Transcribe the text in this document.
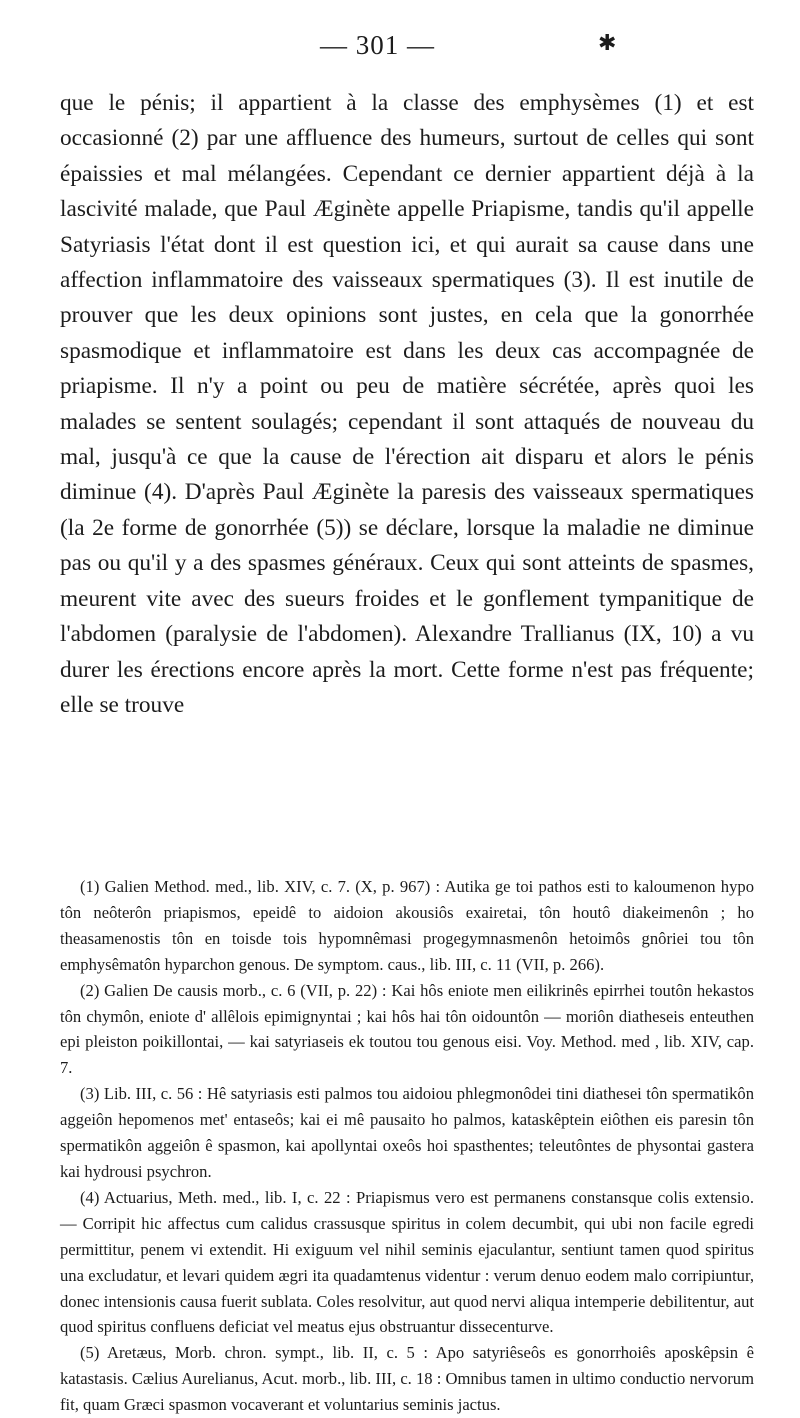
— 301 —	✱

que le pénis; il appartient à la classe des emphysèmes (1) et est occasionné (2) par une affluence des humeurs, surtout de celles qui sont épaissies et mal mélangées. Cependant ce dernier appartient déjà à la lascivité malade, que Paul Æginète appelle Priapisme, tandis qu'il appelle Satyriasis l'état dont il est question ici, et qui aurait sa cause dans une affection inflammatoire des vaisseaux spermatiques (3). Il est inutile de prouver que les deux opinions sont justes, en cela que la gonorrhée spasmodique et inflammatoire est dans les deux cas accompagnée de priapisme. Il n'y a point ou peu de matière sécrétée, après quoi les malades se sentent soulagés; cependant il sont attaqués de nouveau du mal, jusqu'à ce que la cause de l'érection ait disparu et alors le pénis diminue (4). D'après Paul Æginète la paresis des vaisseaux spermatiques (la 2e forme de gonorrhée (5)) se déclare, lorsque la maladie ne diminue pas ou qu'il y a des spasmes généraux. Ceux qui sont atteints de spasmes, meurent vite avec des sueurs froides et le gonflement tympanitique de l'abdomen (paralysie de l'abdomen). Alexandre Trallianus (IX, 10) a vu durer les érections encore après la mort. Cette forme n'est pas fréquente; elle se trouve

(1) Galien Method. med., lib. XIV, c. 7. (X, p. 967) : Autika ge toi pathos esti to kaloumenon hypo tôn neôterôn priapismos, epeidê to aidoion akousiôs exairetai, tôn houtô diakeimenôn ; ho theasamenostis tôn en toisde tois hypomnêmasi progegymnasmenôn hetoimôs gnôriei tou tôn emphysêmatôn hyparchon genous. De symptom. caus., lib. III, c. 11 (VII, p. 266).

(2) Galien De causis morb., c. 6 (VII, p. 22) : Kai hôs eniote men eilikrinês epirrhei toutôn hekastos tôn chymôn, eniote d' allêlois epimignyntai ; kai hôs hai tôn oidountôn — moriôn diatheseis enteuthen epi pleiston poikillontai, — kai satyriaseis ek toutou tou genous eisi. Voy. Method. med , lib. XIV, cap. 7.

(3) Lib. III, c. 56 : Hê satyriasis esti palmos tou aidoiou phlegmonôdei tini diathesei tôn spermatikôn aggeiôn hepomenos met' entaseôs; kai ei mê pausaito ho palmos, kataskêptein eiôthen eis paresin tôn spermatikôn aggeiôn ê spasmon, kai apollyntai oxeôs hoi spasthentes; teleutôntes de physontai gastera kai hydrousi psychron.

(4) Actuarius, Meth. med., lib. I, c. 22 : Priapismus vero est permanens constansque colis extensio. — Corripit hic affectus cum calidus crassusque spiritus in colem decumbit, qui ubi non facile egredi permittitur, penem vi extendit. Hi exiguum vel nihil seminis ejaculantur, sentiunt tamen quod spiritus una excludatur, et levari quidem ægri ita quadamtenus videntur : verum denuo eodem malo corripiuntur, donec intensionis causa fuerit sublata. Coles resolvitur, aut quod nervi aliqua intemperie debilitentur, aut quod spiritus confluens deficiat vel meatus ejus obstruantur dissecenturve.

(5) Aretæus, Morb. chron. sympt., lib. II, c. 5 : Apo satyriêseôs es gonorrhoiês aposkêpsin ê katastasis. Cælius Aurelianus, Acut. morb., lib. III, c. 18 : Omnibus tamen in ultimo conductio nervorum fit, quam Græci spasmon vocaverant et voluntarius seminis jactus.
